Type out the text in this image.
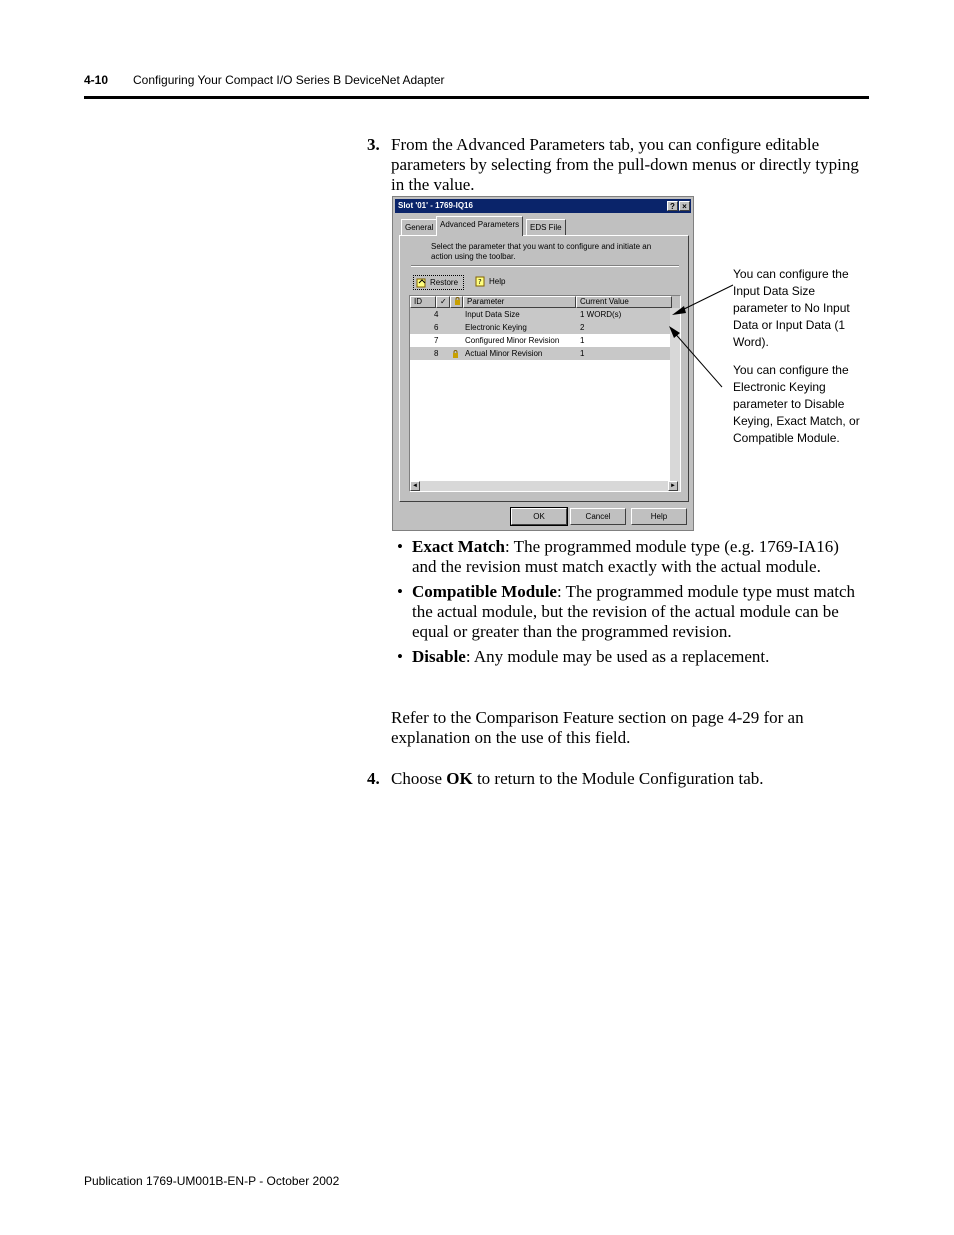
4-10 Configuring Your Compact I/O Series B DeviceNet Adapter
3. From the Advanced Parameters tab, you can configure editable parameters by selecting from the pull-down menus or directly typing in the value.
Slot '01' - 1769-IQ16	? ×
General Advanced Parameters	EDS File
Select the parameter that you want to configure and initiate an action using the toolbar.
Restore	? Help
ID	✓	Parameter	Current Value
4	Input Data Size	1 WORD(s)
6	Electronic Keying	2
7	Configured Minor Revision	1
8	Actual Minor Revision	1
◄	►
OK	Cancel	Help
You can configure the Input Data Size parameter to No Input Data or Input Data (1 Word).
You can configure the Electronic Keying parameter to Disable Keying, Exact Match, or Compatible Module.
• Exact Match: The programmed module type (e.g. 1769-IA16) and the revision must match exactly with the actual module.
• Compatible Module: The programmed module type must match the actual module, but the revision of the actual module can be equal or greater than the programmed revision.
• Disable: Any module may be used as a replacement.
Refer to the Comparison Feature section on page 4-29 for an explanation on the use of this field.
4. Choose OK to return to the Module Configuration tab.
Publication 1769-UM001B-EN-P - October 2002
